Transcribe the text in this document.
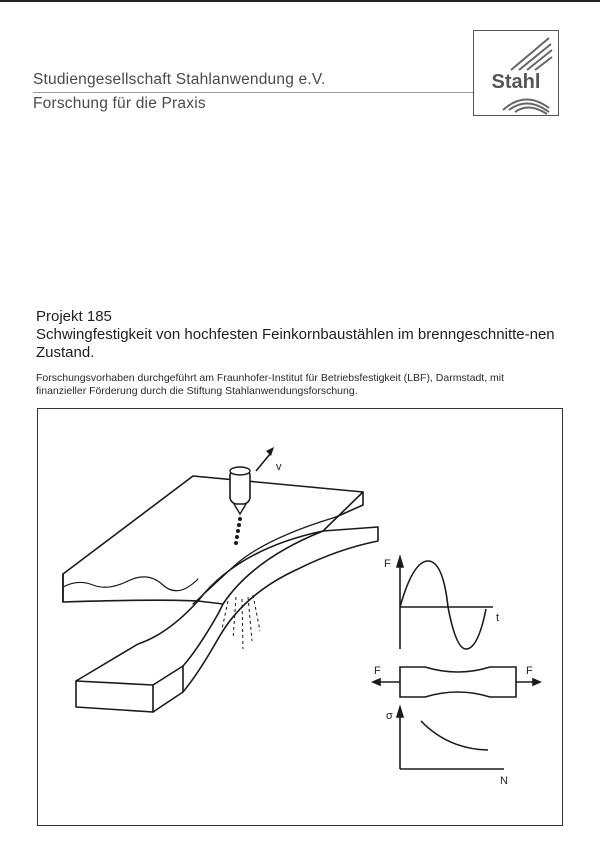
Studiengesellschaft Stahlanwendung e.V.
Forschung für die Praxis
Stahl
Projekt 185
Schwingfestigkeit von hochfesten Feinkornbaustählen im brenngeschnitte-nen Zustand.
Forschungsvorhaben durchgeführt am Fraunhofer-Institut für Betriebsfestigkeit (LBF), Darmstadt, mit finanzieller Förderung durch die Stiftung Stahlanwendungsforschung.
v
F
t
F	F
σ
N
